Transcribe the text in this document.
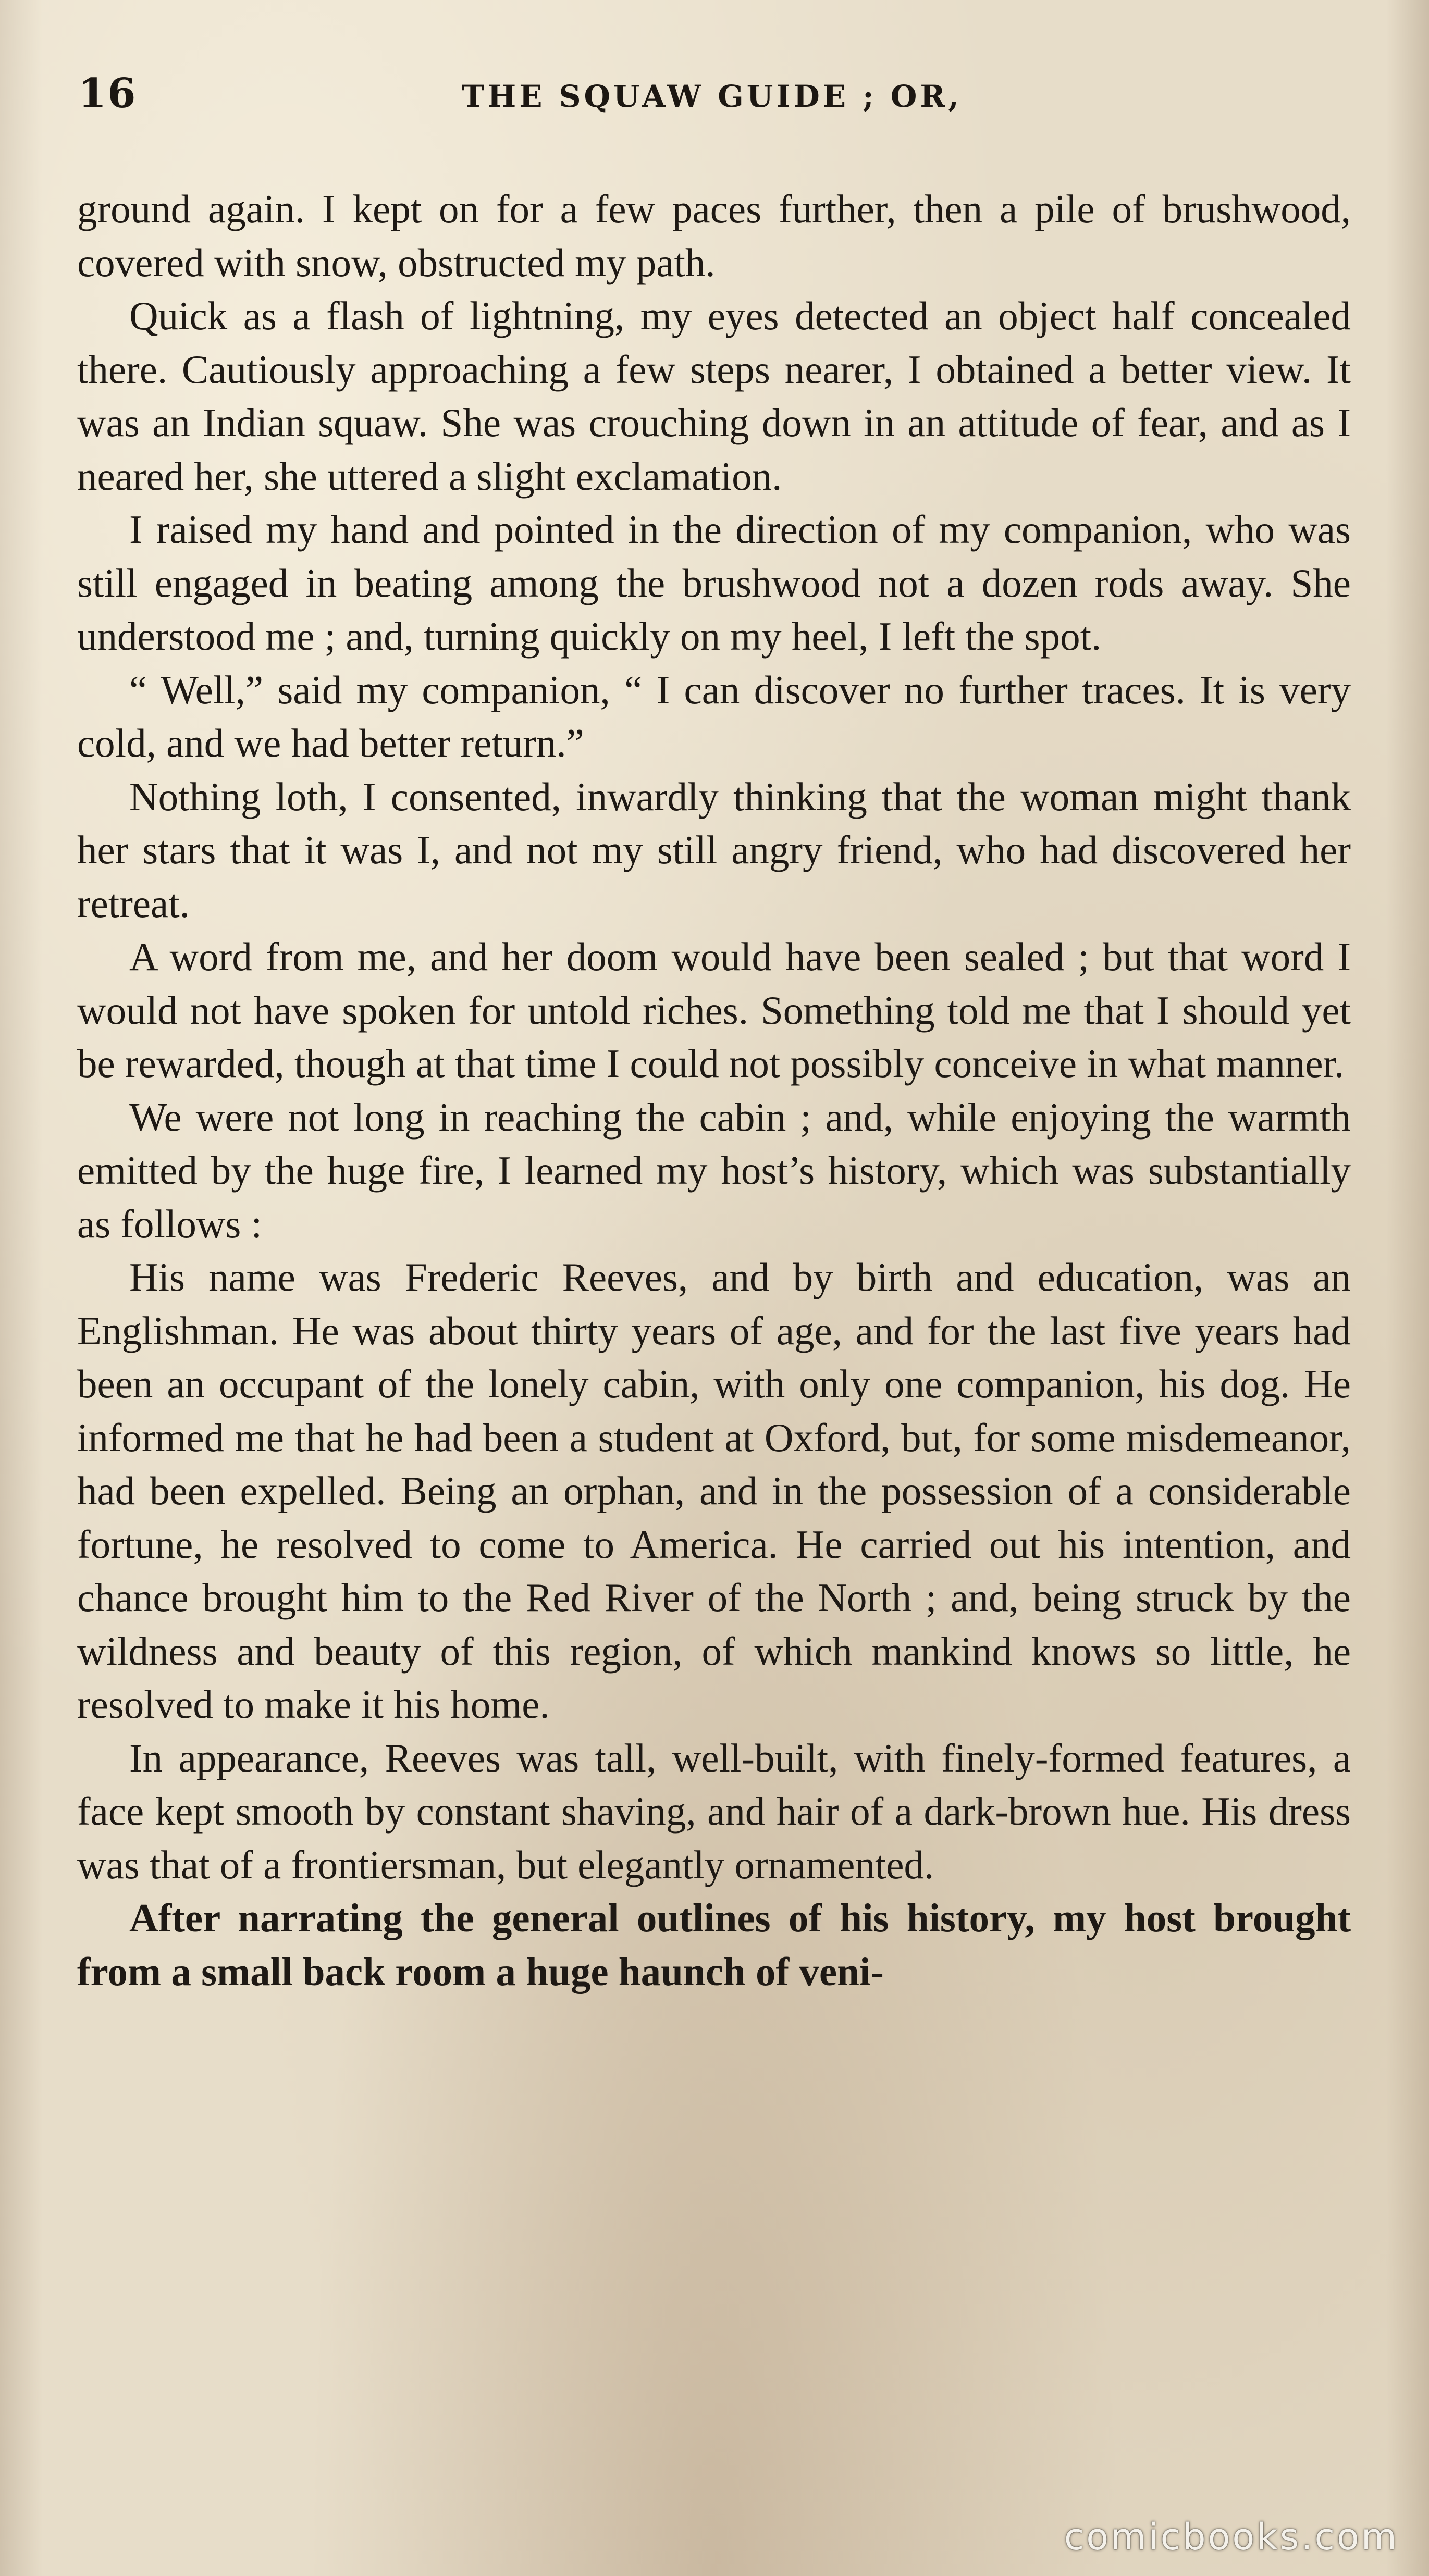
16	THE SQUAW GUIDE ; OR,

ground again. I kept on for a few paces further, then a pile of brushwood, covered with snow, obstructed my path.

Quick as a flash of lightning, my eyes detected an object half concealed there. Cautiously approaching a few steps nearer, I obtained a better view. It was an Indian squaw. She was crouching down in an attitude of fear, and as I neared her, she uttered a slight exclamation.

I raised my hand and pointed in the direction of my companion, who was still engaged in beating among the brushwood not a dozen rods away. She understood me ; and, turning quickly on my heel, I left the spot.

“ Well,” said my companion, “ I can discover no further traces. It is very cold, and we had better return.”

Nothing loth, I consented, inwardly thinking that the woman might thank her stars that it was I, and not my still angry friend, who had discovered her retreat.

A word from me, and her doom would have been sealed ; but that word I would not have spoken for untold riches. Something told me that I should yet be rewarded, though at that time I could not possibly conceive in what manner.

We were not long in reaching the cabin ; and, while enjoying the warmth emitted by the huge fire, I learned my host’s history, which was substantially as follows :

His name was Frederic Reeves, and by birth and education, was an Englishman. He was about thirty years of age, and for the last five years had been an occupant of the lonely cabin, with only one companion, his dog. He informed me that he had been a student at Oxford, but, for some misdemeanor, had been expelled. Being an orphan, and in the possession of a considerable fortune, he resolved to come to America. He carried out his intention, and chance brought him to the Red River of the North ; and, being struck by the wildness and beauty of this region, of which mankind knows so little, he resolved to make it his home.

In appearance, Reeves was tall, well-built, with finely-formed features, a face kept smooth by constant shaving, and hair of a dark-brown hue. His dress was that of a frontiersman, but elegantly ornamented.

After narrating the general outlines of his history, my host brought from a small back room a huge haunch of veni-

comicbooks.com
